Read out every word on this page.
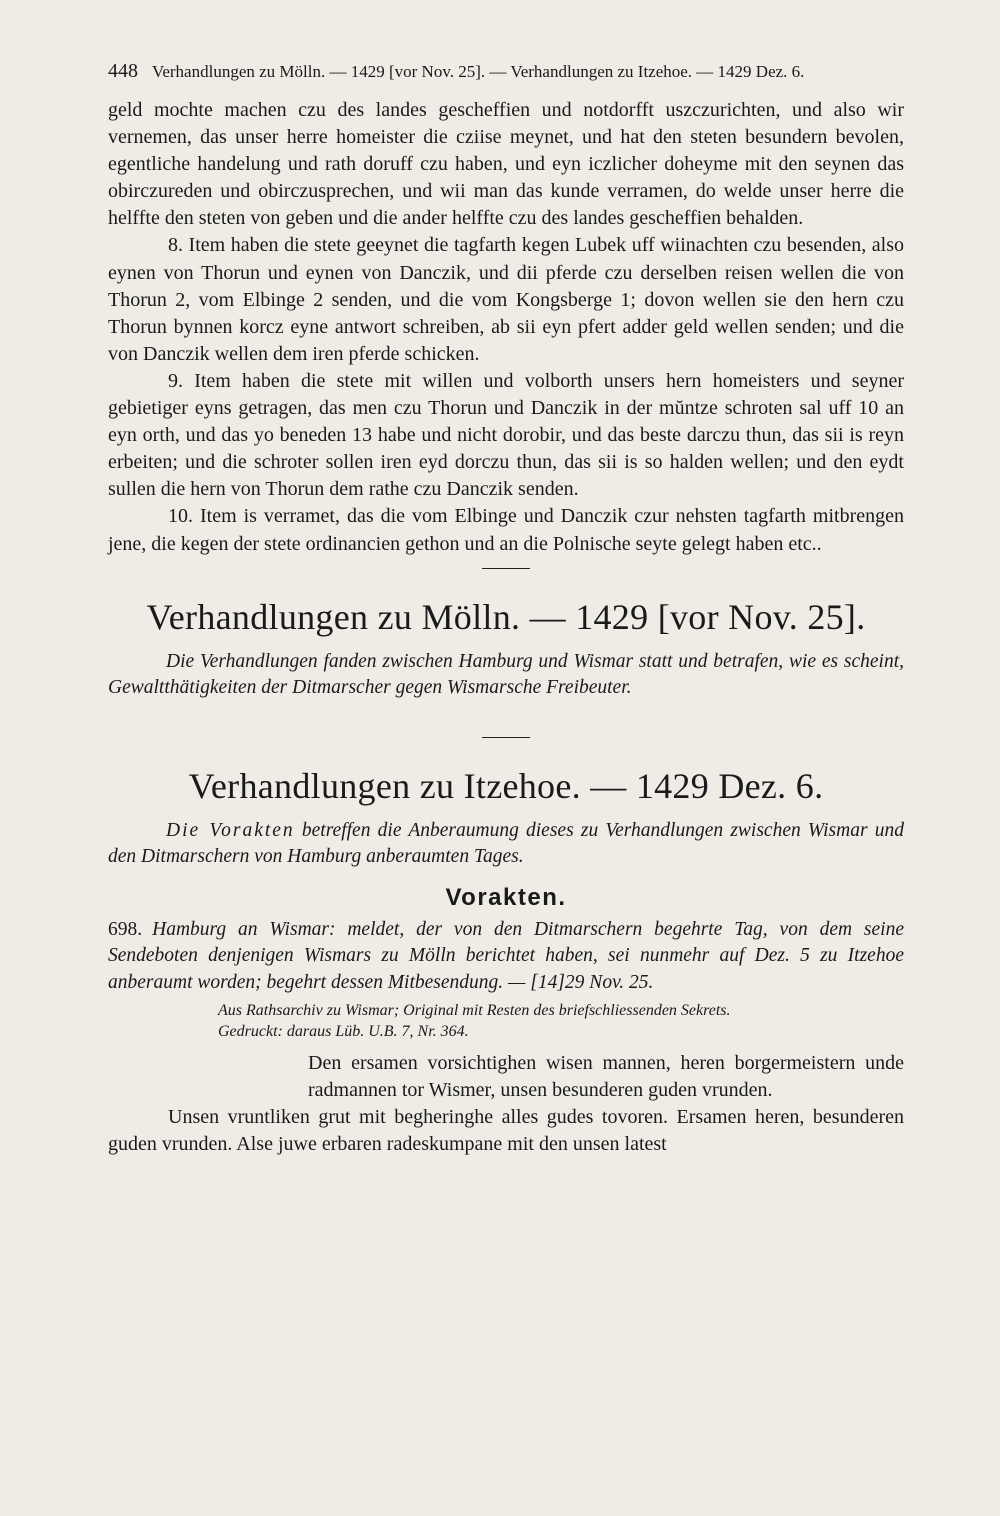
448 Verhandlungen zu Mölln. — 1429 [vor Nov. 25]. — Verhandlungen zu Itzehoe. — 1429 Dez. 6.

geld mochte machen czu des landes gescheffien und notdorfft uszczurichten, und also wir vernemen, das unser herre homeister die cziise meynet, und hat den steten besundern bevolen, egentliche handelung und rath doruff czu haben, und eyn iczlicher doheyme mit den seynen das obirczureden und obirczusprechen, und wii man das kunde verramen, do welde unser herre die helffte den steten von geben und die ander helffte czu des landes gescheffien behalden.

8. Item haben die stete geeynet die tagfarth kegen Lubek uff wiinachten czu besenden, also eynen von Thorun und eynen von Danczik, und dii pferde czu derselben reisen wellen die von Thorun 2, vom Elbinge 2 senden, und die vom Kongsberge 1; dovon wellen sie den hern czu Thorun bynnen korcz eyne antwort schreiben, ab sii eyn pfert adder geld wellen senden; und die von Danczik wellen dem iren pferde schicken.

9. Item haben die stete mit willen und volborth unsers hern homeisters und seyner gebietiger eyns getragen, das men czu Thorun und Danczik in der mŭntze schroten sal uff 10 an eyn orth, und das yo beneden 13 habe und nicht dorobir, und das beste darczu thun, das sii is reyn erbeiten; und die schroter sollen iren eyd dorczu thun, das sii is so halden wellen; und den eydt sullen die hern von Thorun dem rathe czu Danczik senden.

10. Item is verramet, das die vom Elbinge und Danczik czur nehsten tagfarth mitbrengen jene, die kegen der stete ordinancien gethon und an die Polnische seyte gelegt haben etc..

Verhandlungen zu Mölln. — 1429 [vor Nov. 25].

Die Verhandlungen fanden zwischen Hamburg und Wismar statt und betrafen, wie es scheint, Gewaltthätigkeiten der Ditmarscher gegen Wismarsche Freibeuter.

Verhandlungen zu Itzehoe. — 1429 Dez. 6.

Die Vorakten betreffen die Anberaumung dieses zu Verhandlungen zwischen Wismar und den Ditmarschern von Hamburg anberaumten Tages.

Vorakten.

698. Hamburg an Wismar: meldet, der von den Ditmarschern begehrte Tag, von dem seine Sendeboten denjenigen Wismars zu Mölln berichtet haben, sei nunmehr auf Dez. 5 zu Itzehoe anberaumt worden; begehrt dessen Mitbesendung. — [14]29 Nov. 25.

Aus Rathsarchiv zu Wismar; Original mit Resten des briefschliessenden Sekrets.
Gedruckt: daraus Lüb. U.B. 7, Nr. 364.

Den ersamen vorsichtighen wisen mannen, heren borgermeistern unde radmannen tor Wismer, unsen besunderen guden vrunden.

Unsen vruntliken grut mit begheringhe alles gudes tovoren. Ersamen heren, besunderen guden vrunden. Alse juwe erbaren radeskumpane mit den unsen latest
